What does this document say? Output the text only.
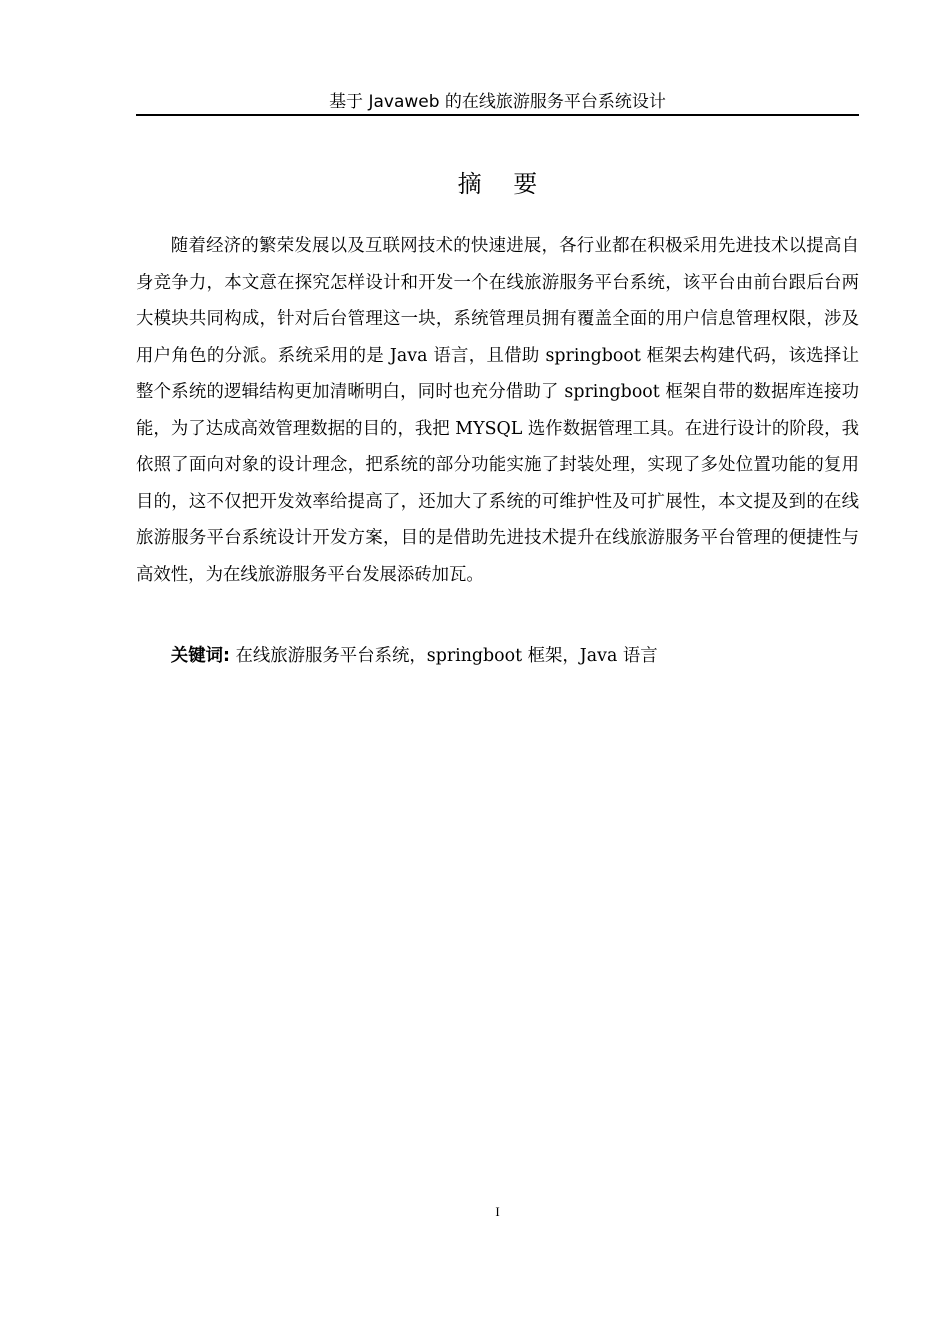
基于 Javaweb 的在线旅游服务平台系统设计
摘 要

随着经济的繁荣发展以及互联网技术的快速进展，各行业都在积极采用先进技术以提高自身竞争力，本文意在探究怎样设计和开发一个在线旅游服务平台系统，该平台由前台跟后台两大模块共同构成，针对后台管理这一块，系统管理员拥有覆盖全面的用户信息管理权限，涉及用户角色的分派。系统采用的是 Java 语言，且借助 springboot 框架去构建代码，该选择让整个系统的逻辑结构更加清晰明白，同时也充分借助了 springboot 框架自带的数据库连接功能，为了达成高效管理数据的目的，我把 MYSQL 选作数据管理工具。在进行设计的阶段，我依照了面向对象的设计理念，把系统的部分功能实施了封装处理，实现了多处位置功能的复用目的，这不仅把开发效率给提高了，还加大了系统的可维护性及可扩展性，本文提及到的在线旅游服务平台系统设计开发方案，目的是借助先进技术提升在线旅游服务平台管理的便捷性与高效性，为在线旅游服务平台发展添砖加瓦。

关键词: 在线旅游服务平台系统，springboot 框架，Java 语言

I
